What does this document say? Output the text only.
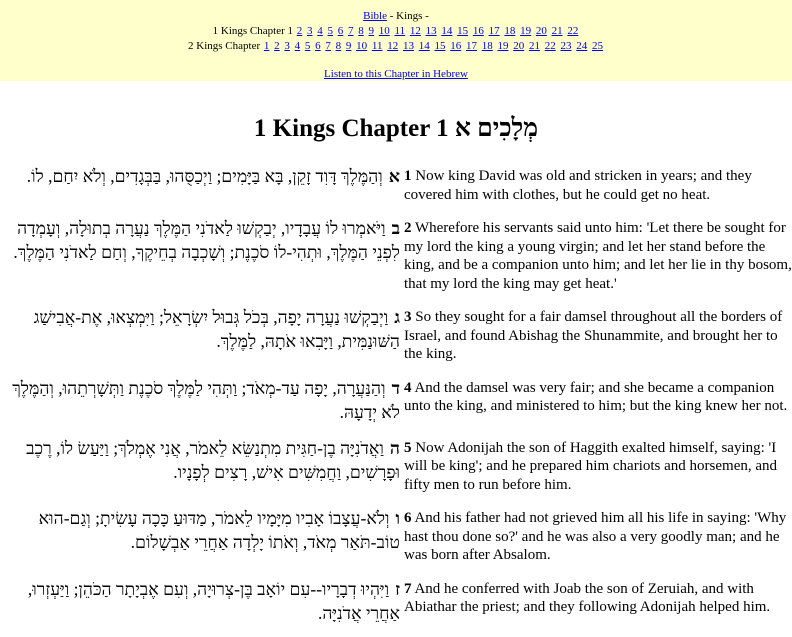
Bible - Kings -
1 Kings Chapter 1 2 3 4 5 6 7 8 9 10 11 12 13 14 15 16 17 18 19 20 21 22
2 Kings Chapter 1 2 3 4 5 6 7 8 9 10 11 12 13 14 15 16 17 18 19 20 21 22 23 24 25
Listen to this Chapter in Hebrew
1 Kings Chapter 1 מְלָכִים א
אוְהַמֶּלֶךְ דָּוִד זָקֵן, בָּא בַּיָּמִים; וַיְכַסֻּהוּ, בַּבְּגָדִים, וְלֹא יִחַם, לוֹ.	1 Now king David was old and stricken in years; and they covered him with clothes, but he could get no heat.
בוַיֹּאמְרוּ לוֹ עֲבָדָיו, יְבַקְשׁוּ לַאדֹנִי הַמֶּלֶךְ נַעֲרָה בְתוּלָה, וְעָמְדָה לִפְנֵי הַמֶּלֶךְ, וּתְהִי-לוֹ סֹכֶנֶת; וְשָׁכְבָה בְחֵיקֶךָ, וְחַם לַאדֹנִי הַמֶּלֶךְ.	2 Wherefore his servants said unto him: 'Let there be sought for my lord the king a young virgin; and let her stand before the king, and be a companion unto him; and let her lie in thy bosom, that my lord the king may get heat.'
גוַיְבַקְשׁוּ נַעֲרָה יָפָה, בְּכֹל גְּבוּל יִשְׂרָאֵל; וַיִּמְצְאוּ, אֶת-אֲבִישַׁג הַשּׁוּנַמִּית, וַיָּבִאוּ אֹתָהּ, לַמֶּלֶךְ.	3 So they sought for a fair damsel throughout all the borders of Israel, and found Abishag the Shunammite, and brought her to the king.
דוְהַנַּעֲרָה, יָפָה עַד-מְאֹד; וַתְּהִי לַמֶּלֶךְ סֹכֶנֶת וַתְּשָׁרְתֵהוּ, וְהַמֶּלֶךְ לֹא יְדָעָהּ.	4 And the damsel was very fair; and she became a companion unto the king, and ministered to him; but the king knew her not.
הוַאֲדֹנִיָּה בֶן-חַגִּית מִתְנַשֵּׂא לֵאמֹר, אֲנִי אֶמְלֹךְ; וַיַּעַשׂ לוֹ, רֶכֶב וּפָרָשִׁים, וַחֲמִשִּׁים אִישׁ, רָצִים לְפָנָיו.	5 Now Adonijah the son of Haggith exalted himself, saying: 'I will be king'; and he prepared him chariots and horsemen, and fifty men to run before him.
ווְלֹא-עֲצָבוֹ אָבִיו מִיָּמָיו לֵאמֹר, מַדּוּעַ כָּכָה עָשִׂיתָ; וְגַם-הוּא טוֹב-תֹּאַר מְאֹד, וְאֹתוֹ יָלְדָה אַחֲרֵי אַבְשָׁלוֹם.	6 And his father had not grieved him all his life in saying: 'Why hast thou done so?' and he was also a very goodly man; and he was born after Absalom.
זוַיִּהְיוּ דְבָרָיו--עִם יוֹאָב בֶּן-צְרוּיָה, וְעִם אֶבְיָתָר הַכֹּהֵן; וַיַּעְזְרוּ, אַחֲרֵי אֲדֹנִיָּה.	7 And he conferred with Joab the son of Zeruiah, and with Abiathar the priest; and they following Adonijah helped him.
